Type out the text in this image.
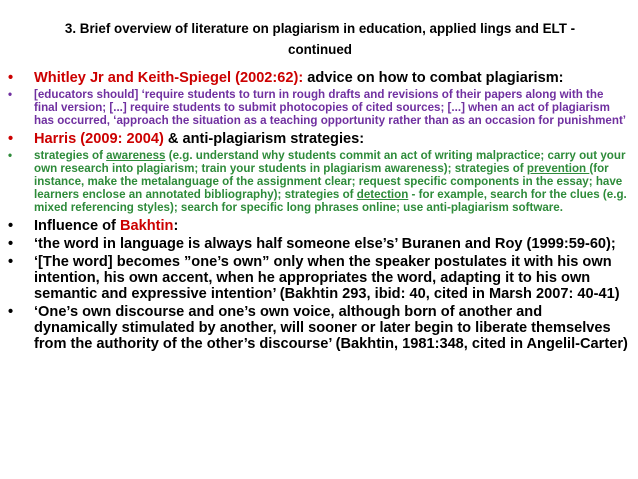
3. Brief overview of literature on plagiarism in education, applied lings and ELT -
continued
• Whitley Jr and Keith-Spiegel (2002:62): advice on how to combat plagiarism:
• [educators should] ‘require students to turn in rough drafts and revisions of their papers along with the final version; [...] require students to submit photocopies of cited sources; [...] when an act of plagiarism has occurred, ‘approach the situation as a teaching opportunity rather than as an occasion for punishment’
• Harris (2009: 2004) & anti-plagiarism strategies:
• strategies of awareness (e.g. understand why students commit an act of writing malpractice; carry out your own research into plagiarism; train your students in plagiarism awareness); strategies of prevention (for instance, make the metalanguage of the assignment clear; request specific components in the essay; have learners enclose an annotated bibliography); strategies of detection - for example, search for the clues (e.g. mixed referencing styles); search for specific long phrases online; use anti-plagiarism software.
• Influence of Bakhtin:
• ‘the word in language is always half someone else’s’ Buranen and Roy (1999:59-60);
• ‘[The word] becomes ”one’s own” only when the speaker postulates it with his own intention, his own accent, when he appropriates the word, adapting it to his own semantic and expressive intention’ (Bakhtin 293, ibid: 40, cited in Marsh 2007: 40-41)
• ‘One’s own discourse and one’s own voice, although born of another and dynamically stimulated by another, will sooner or later begin to liberate themselves from the authority of the other’s discourse’ (Bakhtin, 1981:348, cited in Angelil-Carter)
